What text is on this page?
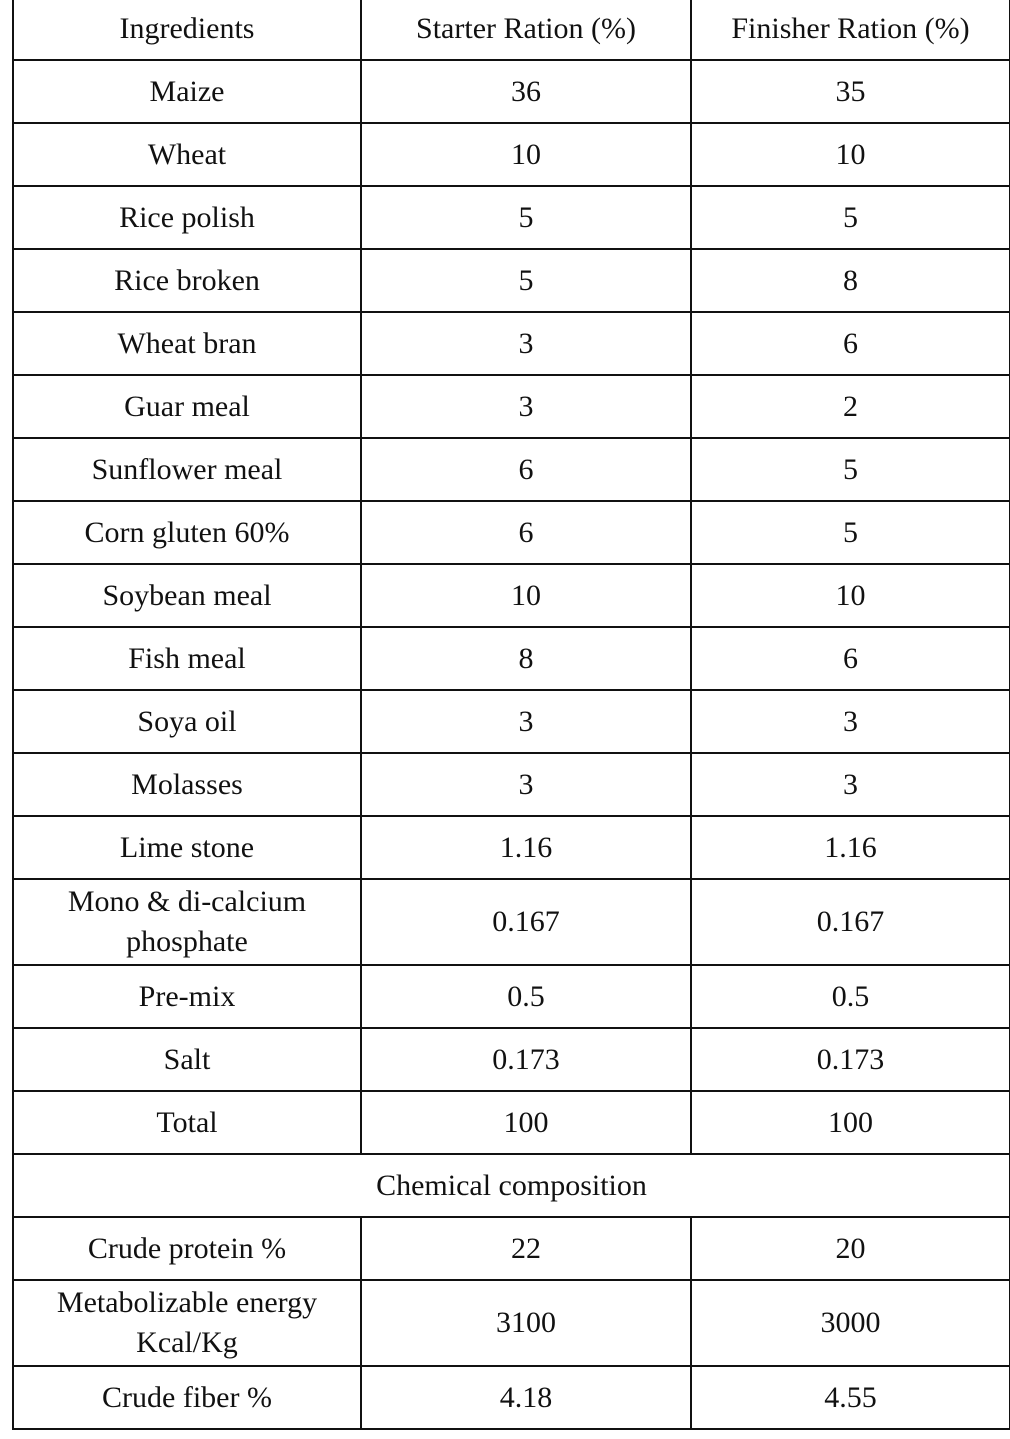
Ingredients	Starter Ration (%)	Finisher Ration (%)
Maize	36	35
Wheat	10	10
Rice polish	5	5
Rice broken	5	8
Wheat bran	3	6
Guar meal	3	2
Sunflower meal	6	5
Corn gluten 60%	6	5
Soybean meal	10	10
Fish meal	8	6
Soya oil	3	3
Molasses	3	3
Lime stone	1.16	1.16
Mono & di-calcium phosphate	0.167	0.167
Pre-mix	0.5	0.5
Salt	0.173	0.173
Total	100	100
Chemical composition		
Crude protein %	22	20
Metabolizable energy Kcal/Kg	3100	3000
Crude fiber %	4.18	4.55
